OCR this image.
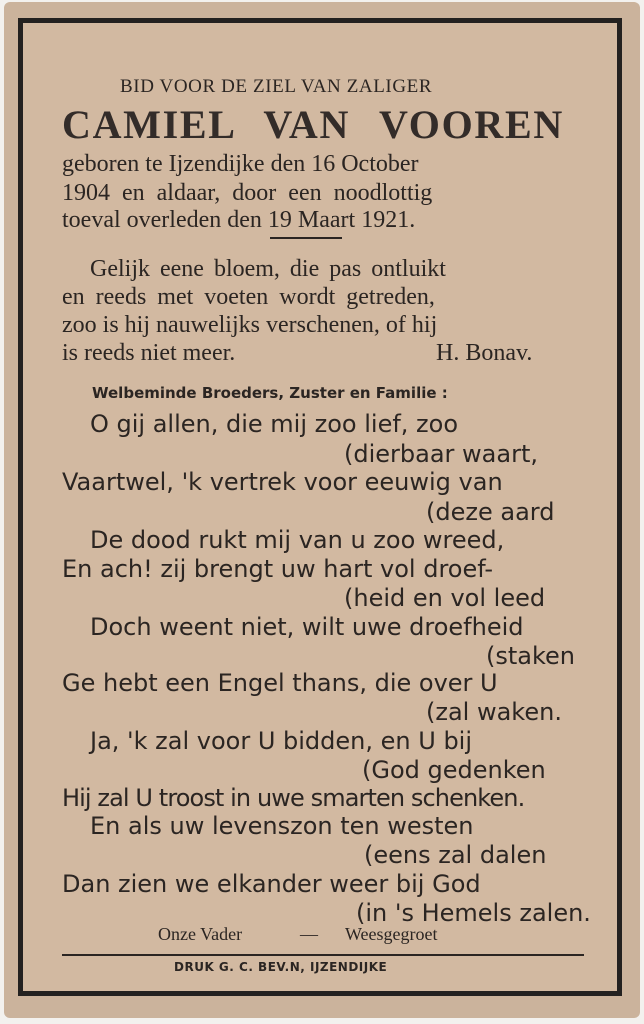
BID VOOR DE ZIEL VAN ZALIGER
CAMIEL VAN VOOREN
geboren te Ijzendijke den 16 October
1904 en aldaar, door een noodlottig
toeval overleden den 19 Maart 1921.
Gelijk eene bloem, die pas ontluikt
en reeds met voeten wordt getreden,
zoo is hij nauwelijks verschenen, of hij
is reeds niet meer.	H. Bonav.
Welbeminde Broeders, Zuster en Familie :
O gij allen, die mij zoo lief, zoo
(dierbaar waart,
Vaartwel, 'k vertrek voor eeuwig van
(deze aard
De dood rukt mij van u zoo wreed,
En ach! zij brengt uw hart vol droef-
(heid en vol leed
Doch weent niet, wilt uwe droefheid
(staken
Ge hebt een Engel thans, die over U
(zal waken.
Ja, 'k zal voor U bidden, en U bij
(God gedenken
Hij zal U troost in uwe smarten schenken.
En als uw levenszon ten westen
(eens zal dalen
Dan zien we elkander weer bij God
(in 's Hemels zalen.
Onze Vader	— Weesgegroet
DRUK G. C. BEV.N, IJZENDIJKE
